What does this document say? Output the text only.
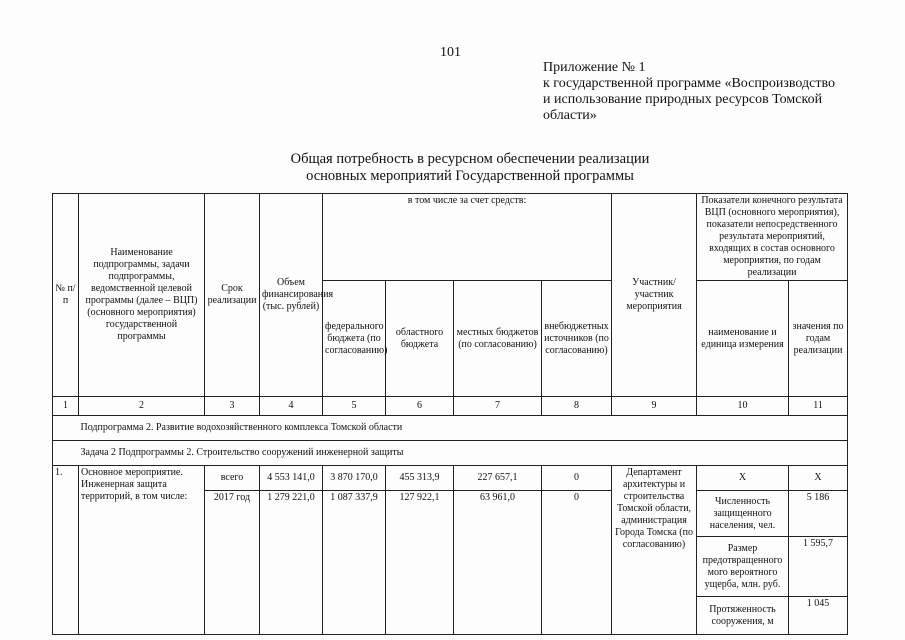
101
Приложение № 1
к государственной программе «Воспроизводство
и использование природных ресурсов Томской
области»
Общая потребность в ресурсном обеспечении реализации
основных мероприятий Государственной программы
№ п/п	Наименование подпрограммы, задачи подпрограммы, ведомственной целевой программы (далее – ВЦП) (основного мероприятия) государственной программы	Срок реализации	Объем финансирования (тыс. рублей)	в том числе за счет средств:				Участник/ участник мероприятия	Показатели конечного результата ВЦП (основного мероприятия), показатели непосредственного результата мероприятий, входящих в состав основного мероприятия, по годам реализации	
				федерального бюджета (по согласованию)	областного бюджета	местных бюджетов (по согласованию)	внебюджетных источников (по согласованию)		наименование и единица измерения	значения по годам реализации
1	2	3	4	5	6	7	8	9	10	11
	Подпрограмма 2. Развитие водохозяйственного комплекса Томской области									
	Задача 2 Подпрограммы 2. Строительство сооружений инженерной защиты									
1.	Основное мероприятие. Инженерная защита территорий, в том числе:	всего	4 553 141,0	3 870 170,0	455 313,9	227 657,1	0	Департамент архитектуры и строительства Томской области, администрация Города Томска (по согласованию)	Х	Х
		2017 год	1 279 221,0	1 087 337,9	127 922,1	63 961,0	0		Численность защищенного населения, чел.	5 186
									Размер предотвращенного мого вероятного ущерба, млн. руб.	1 595,7
									Протяженность сооружения, м	1 045
